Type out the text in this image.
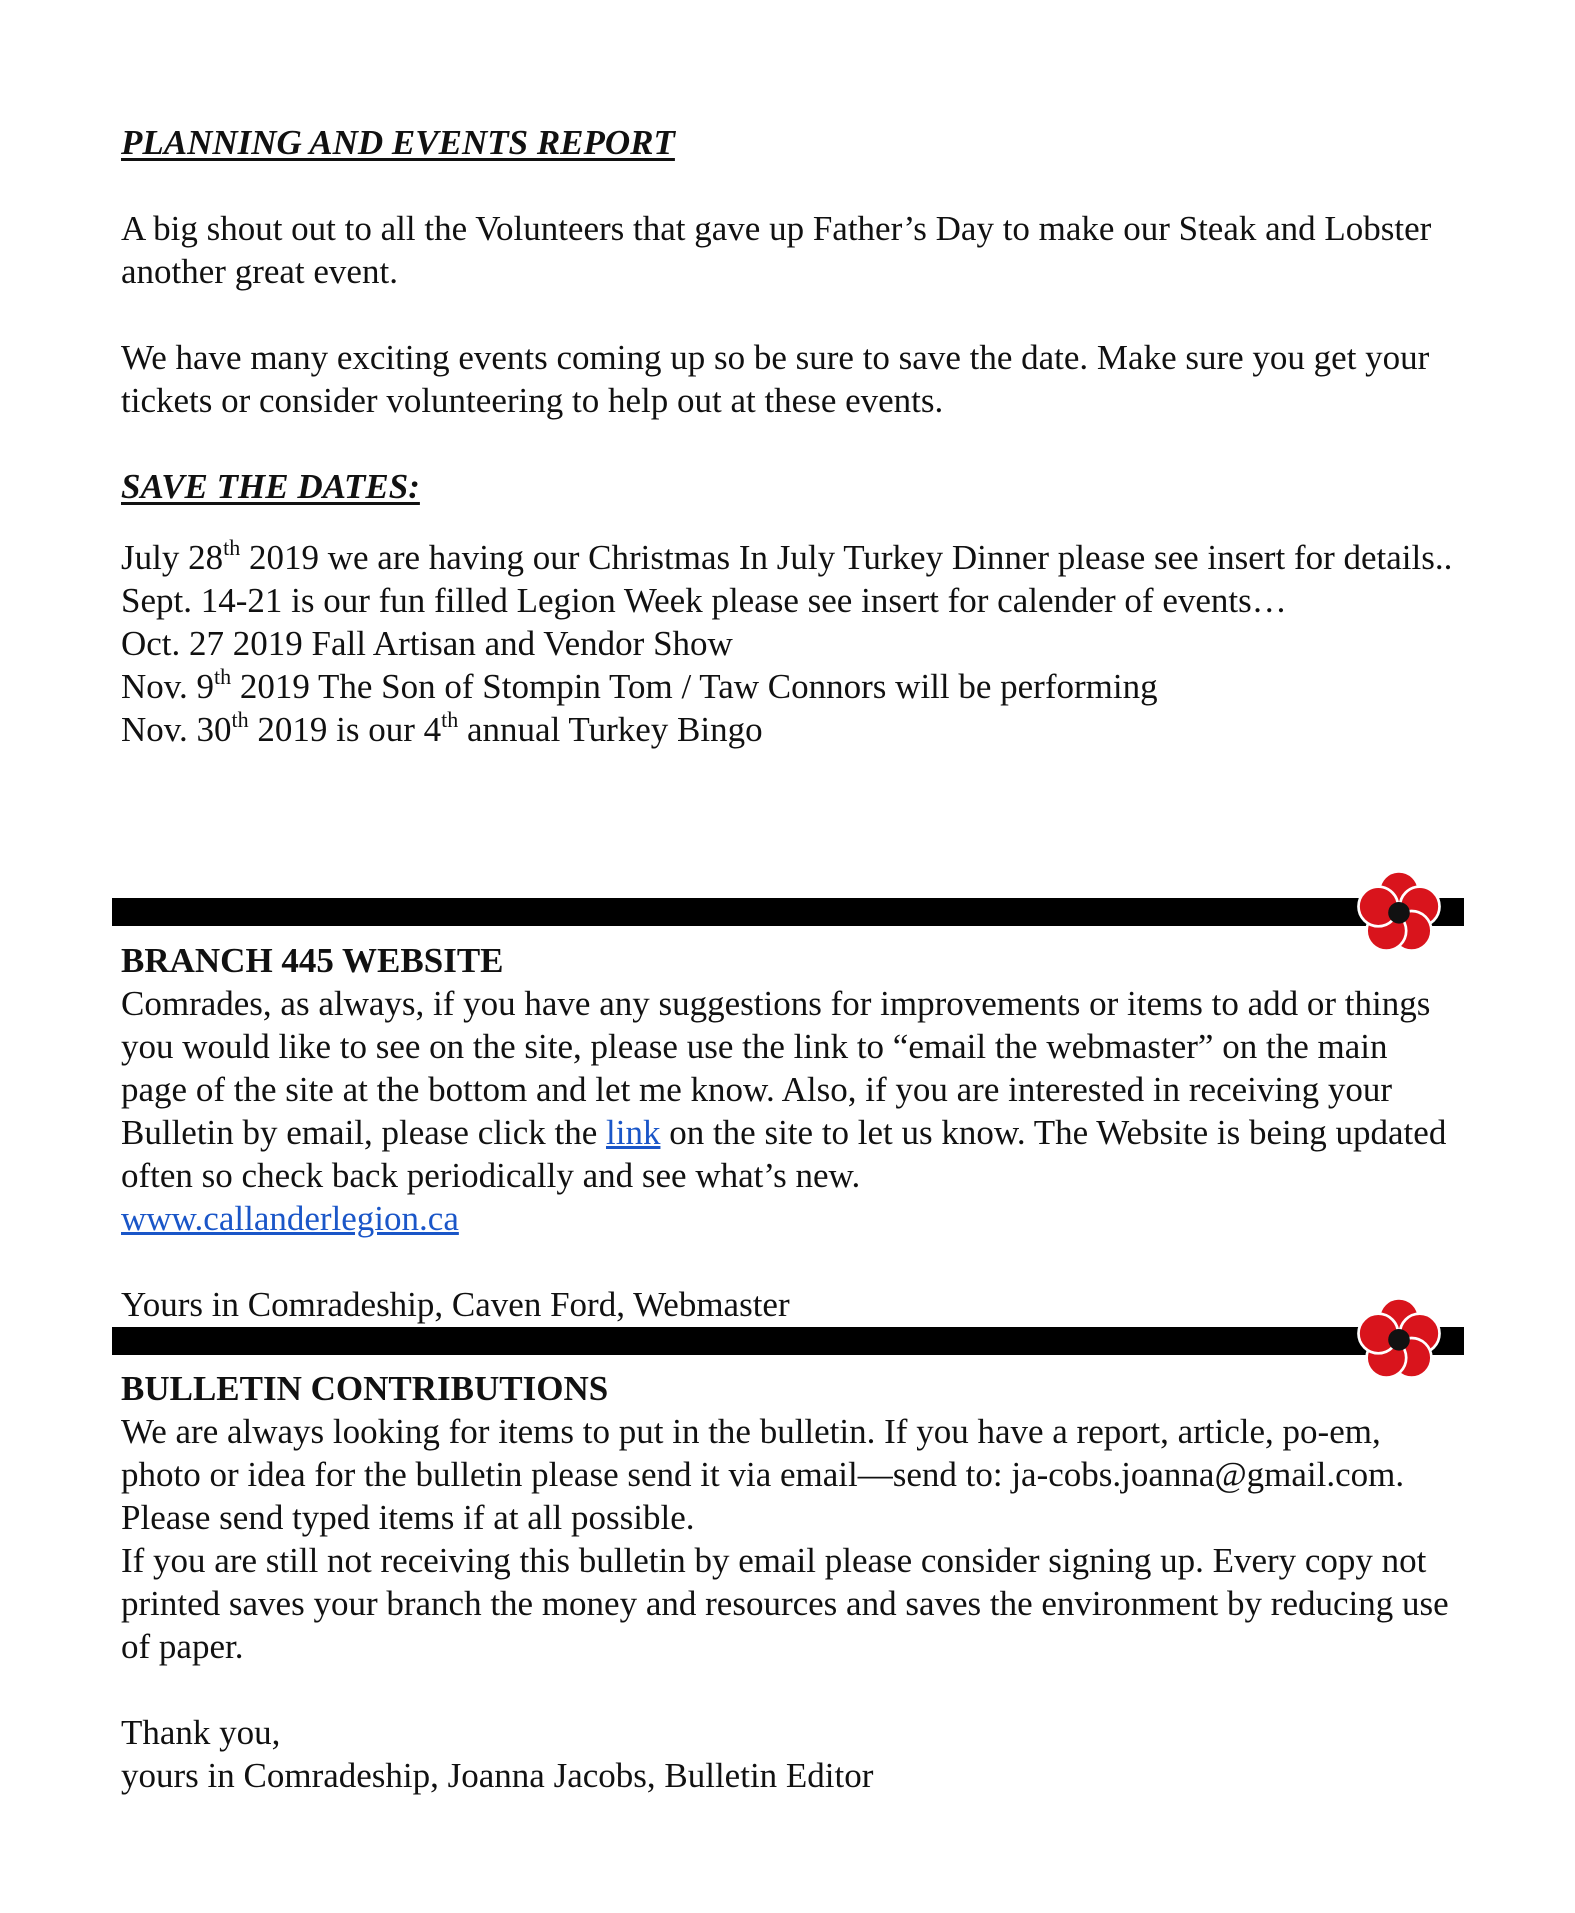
PLANNING AND EVENTS REPORT

A big shout out to all the Volunteers that gave up Father’s Day to make our Steak and Lobster another great event.

We have many exciting events coming up so be sure to save the date. Make sure you get your tickets or consider volunteering to help out at these events.

SAVE THE DATES:

July 28th 2019 we are having our Christmas In July Turkey Dinner please see insert for details..

Sept. 14-21 is our fun filled Legion Week please see insert for calender of events…

Oct. 27 2019 Fall Artisan and Vendor Show

Nov. 9th 2019 The Son of Stompin Tom / Taw Connors will be performing

Nov. 30th 2019 is our 4th annual Turkey Bingo

BRANCH 445 WEBSITE

Comrades, as always, if you have any suggestions for improvements or items to add or things you would like to see on the site, please use the link to “email the webmaster” on the main page of the site at the bottom and let me know. Also, if you are interested in receiving your Bulletin by email, please click the link on the site to let us know. The Website is being updated often so check back periodically and see what’s new.

www.callanderlegion.ca

Yours in Comradeship, Caven Ford, Webmaster

BULLETIN CONTRIBUTIONS

We are always looking for items to put in the bulletin. If you have a report, article, po-em, photo or idea for the bulletin please send it via email—send to: ja-cobs.joanna@gmail.com. Please send typed items if at all possible.

If you are still not receiving this bulletin by email please consider signing up. Every copy not printed saves your branch the money and resources and saves the environment by reducing use of paper.

Thank you,

yours in Comradeship, Joanna Jacobs, Bulletin Editor
